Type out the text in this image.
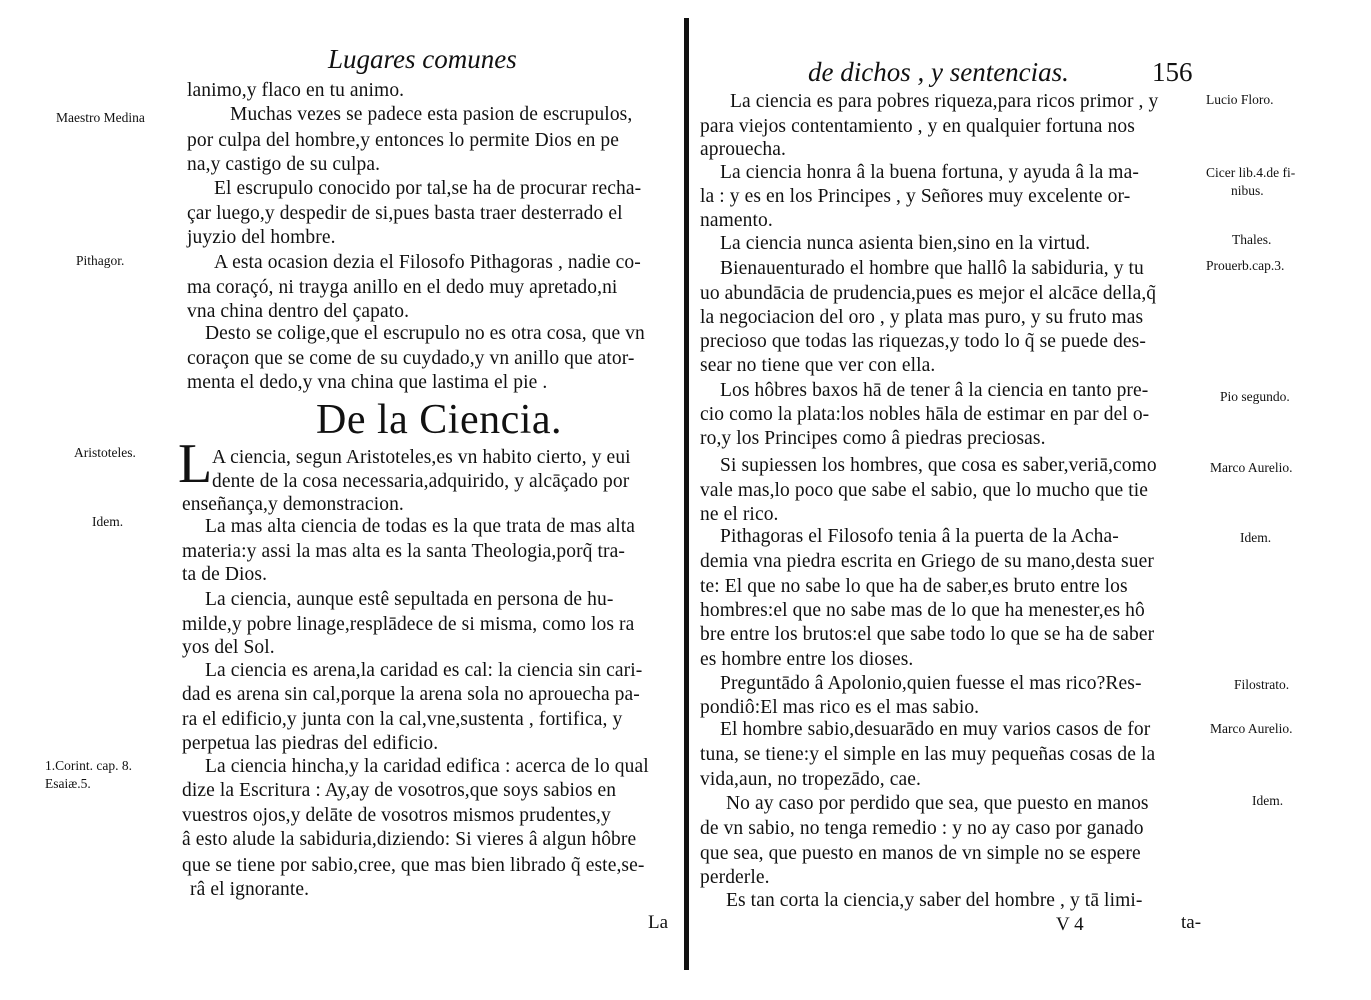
Lugares comunes
Maestro Medina
Pithagor.
Aristoteles.
Idem.
1.Corint. cap. 8.
Esaiæ.5.
lanimo,y flaco en tu animo.
Muchas vezes se padece esta pasion de escrupulos,
por culpa del hombre,y entonces lo permite Dios en pe
na,y castigo de su culpa.
El escrupulo conocido por tal,se ha de procurar recha-
çar luego,y despedir de si,pues basta traer desterrado el
juyzio del hombre.
A esta ocasion dezia el Filosofo Pithagoras , nadie co-
ma coraçó, ni trayga anillo en el dedo muy apretado,ni
vna china dentro del çapato.
Desto se colige,que el escrupulo no es otra cosa, que vn
coraçon que se come de su cuydado,y vn anillo que ator-
menta el dedo,y vna china que lastima el pie .
De la Ciencia.
L A ciencia, segun Aristoteles,es vn habito cierto, y eui
dente de la cosa necessaria,adquirido, y alcāçado por
enseñança,y demonstracion.
La mas alta ciencia de todas es la que trata de mas alta
materia:y assi la mas alta es la santa Theologia,porq̃ tra-
ta de Dios.
La ciencia, aunque estê sepultada en persona de hu-
milde,y pobre linage,resplādece de si misma, como los ra
yos del Sol.
La ciencia es arena,la caridad es cal: la ciencia sin cari-
dad es arena sin cal,porque la arena sola no aprouecha pa-
ra el edificio,y junta con la cal,vne,sustenta , fortifica, y
perpetua las piedras del edificio.
La ciencia hincha,y la caridad edifica : acerca de lo qual
dize la Escritura : Ay,ay de vosotros,que soys sabios en
vuestros ojos,y delāte de vosotros mismos prudentes,y
â esto alude la sabiduria,diziendo: Si vieres â algun hôbre
que se tiene por sabio,cree, que mas bien librado q̃ este,se-
râ el ignorante.
La
de dichos , y sentencias.	156
Lucio Floro.
Cicer lib.4.de fi-
nibus.
Thales.
Prouerb.cap.3.
Pio segundo.
Marco Aurelio.
Idem.
Filostrato.
Marco Aurelio.
Idem.
La ciencia es para pobres riqueza,para ricos primor , y
para viejos contentamiento , y en qualquier fortuna nos
aprouecha.
La ciencia honra â la buena fortuna, y ayuda â la ma-
la : y es en los Principes , y Señores muy excelente or-
namento.
La ciencia nunca asienta bien,sino en la virtud.
Bienauenturado el hombre que hallô la sabiduria, y tu
uo abundācia de prudencia,pues es mejor el alcāce della,q̃
la negociacion del oro , y plata mas puro, y su fruto mas
precioso que todas las riquezas,y todo lo q̃ se puede des-
sear no tiene que ver con ella.
Los hôbres baxos hā de tener â la ciencia en tanto pre-
cio como la plata:los nobles hāla de estimar en par del o-
ro,y los Principes como â piedras preciosas.
Si supiessen los hombres, que cosa es saber,veriā,como
vale mas,lo poco que sabe el sabio, que lo mucho que tie
ne el rico.
Pithagoras el Filosofo tenia â la puerta de la Acha-
demia vna piedra escrita en Griego de su mano,desta suer
te: El que no sabe lo que ha de saber,es bruto entre los
hombres:el que no sabe mas de lo que ha menester,es hô
bre entre los brutos:el que sabe todo lo que se ha de saber
es hombre entre los dioses.
Preguntādo â Apolonio,quien fuesse el mas rico?Res-
pondiô:El mas rico es el mas sabio.
El hombre sabio,desuarādo en muy varios casos de for
tuna, se tiene:y el simple en las muy pequeñas cosas de la
vida,aun, no tropezādo, cae.
No ay caso por perdido que sea, que puesto en manos
de vn sabio, no tenga remedio : y no ay caso por ganado
que sea, que puesto en manos de vn simple no se espere
perderle.
Es tan corta la ciencia,y saber del hombre , y tā limi-
V 4	ta-
